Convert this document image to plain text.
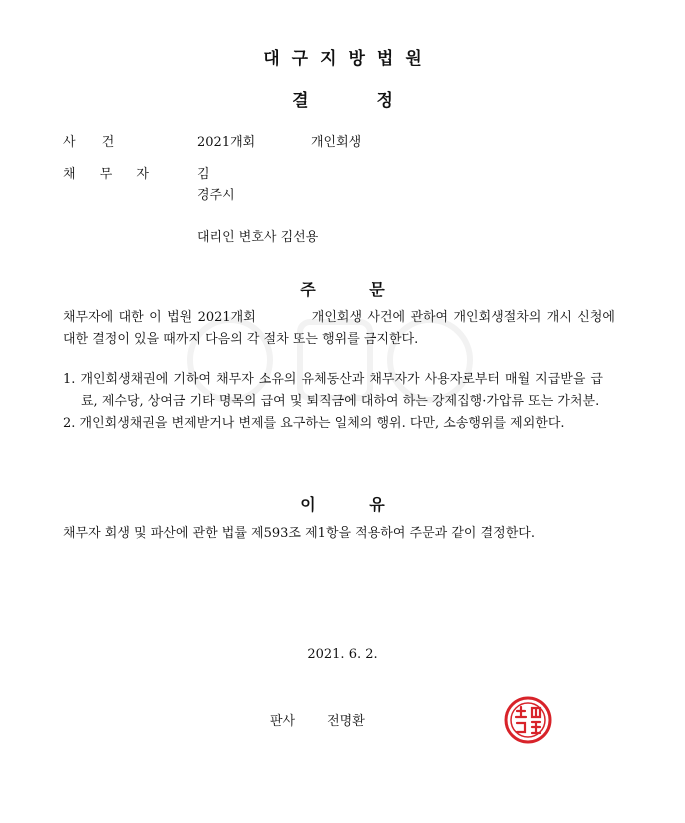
대구지방법원
결 정
사 건	2021개회	개인회생
채 무 자	김
경주시
대리인 변호사 김선용
주 문
채무자에 대한 이 법원 2021개회	개인회생 사건에 관하여 개인회생절차의 개시 신청에 대한 결정이 있을 때까지 다음의 각 절차 또는 행위를 금지한다.
1. 개인회생채권에 기하여 채무자 소유의 유체동산과 채무자가 사용자로부터 매월 지급받을 급료, 제수당, 상여금 기타 명목의 급여 및 퇴직금에 대하여 하는 강제집행·가압류 또는 가처분.
2. 개인회생채권을 변제받거나 변제를 요구하는 일체의 행위. 다만, 소송행위를 제외한다.
이 유
채무자 회생 및 파산에 관한 법률 제593조 제1항을 적용하여 주문과 같이 결정한다.
2021. 6. 2.
판사 전명환
